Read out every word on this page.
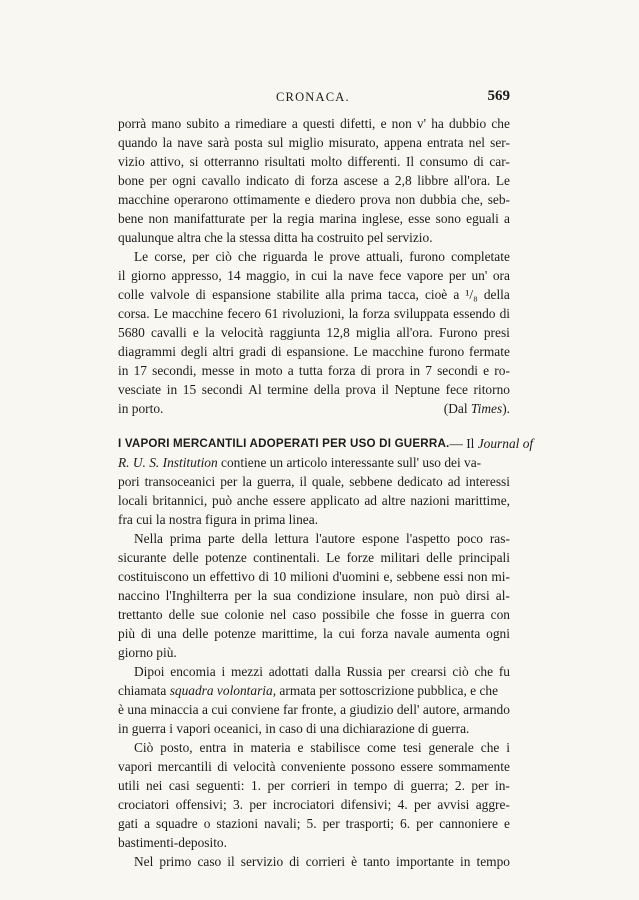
CRONACA.	569
porrà mano subito a rimediare a questi difetti, e non v' ha dubbio che
quando la nave sarà posta sul miglio misurato, appena entrata nel ser-
vizio attivo, si otterranno risultati molto differenti. Il consumo di car-
bone per ogni cavallo indicato di forza ascese a 2,8 libbre all'ora. Le
macchine operarono ottimamente e diedero prova non dubbia che, seb-
bene non manifatturate per la regia marina inglese, esse sono eguali a
qualunque altra che la stessa ditta ha costruito pel servizio.
Le corse, per ciò che riguarda le prove attuali, furono completate
il giorno appresso, 14 maggio, in cui la nave fece vapore per un' ora
colle valvole di espansione stabilite alla prima tacca, cioè a ¹/₈ della
corsa. Le macchine fecero 61 rivoluzioni, la forza sviluppata essendo di
5680 cavalli e la velocità raggiunta 12,8 miglia all'ora. Furono presi
diagrammi degli altri gradi di espansione. Le macchine furono fermate
in 17 secondi, messe in moto a tutta forza di prora in 7 secondi e ro-
vesciate in 15 secondi Al termine della prova il Neptune fece ritorno
in porto.	(Dal Times).
I VAPORI MERCANTILI ADOPERATI PER USO DI GUERRA. — Il Journal of
R. U. S. Institution contiene un articolo interessante sull' uso dei va-
pori transoceanici per la guerra, il quale, sebbene dedicato ad interessi
locali britannici, può anche essere applicato ad altre nazioni marittime,
fra cui la nostra figura in prima linea.
Nella prima parte della lettura l'autore espone l'aspetto poco ras-
sicurante delle potenze continentali. Le forze militari delle principali
costituiscono un effettivo di 10 milioni d'uomini e, sebbene essi non mi-
naccino l'Inghilterra per la sua condizione insulare, non può dirsi al-
trettanto delle sue colonie nel caso possibile che fosse in guerra con
più di una delle potenze marittime, la cui forza navale aumenta ogni
giorno più.
Dipoi encomia i mezzi adottati dalla Russia per crearsi ciò che fu
chiamata squadra volontaria, armata per sottoscrizione pubblica, e che
è una minaccia a cui conviene far fronte, a giudizio dell' autore, armando
in guerra i vapori oceanici, in caso di una dichiarazione di guerra.
Ciò posto, entra in materia e stabilisce come tesi generale che i
vapori mercantili di velocità conveniente possono essere sommamente
utili nei casi seguenti: 1. per corrieri in tempo di guerra; 2. per in-
crociatori offensivi; 3. per incrociatori difensivi; 4. per avvisi aggre-
gati a squadre o stazioni navali; 5. per trasporti; 6. per cannoniere e
bastimenti-deposito.
Nel primo caso il servizio di corrieri è tanto importante in tempo
